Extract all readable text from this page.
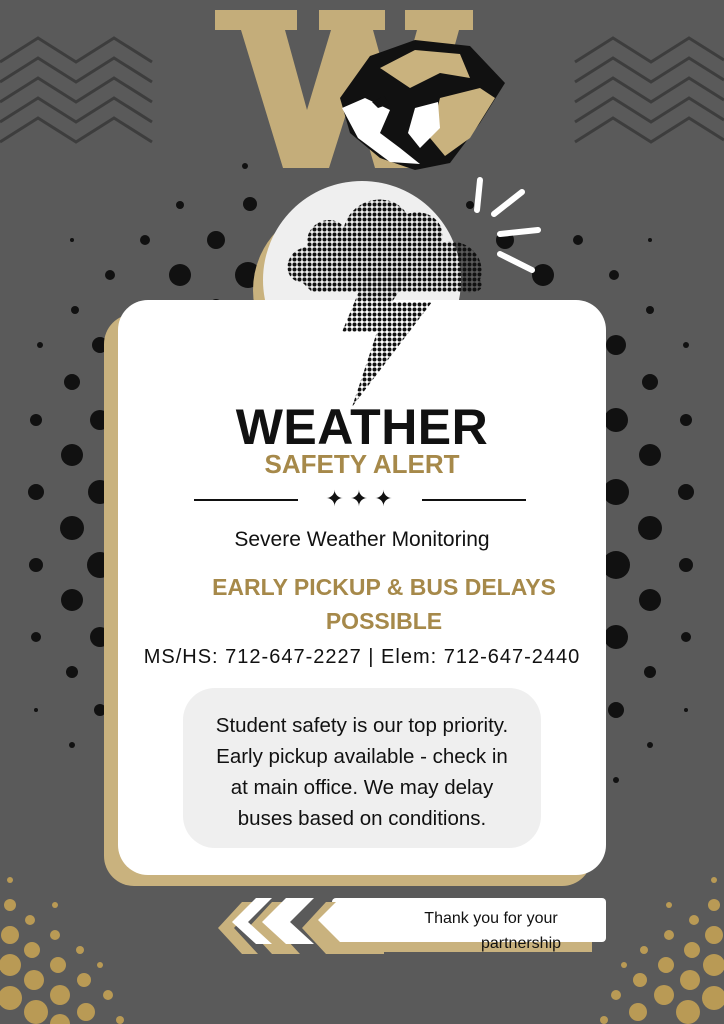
WEATHER
SAFETY ALERT
✦✦✦
Severe Weather Monitoring
EARLY PICKUP & BUS DELAYS
POSSIBLE
MS/HS: 712-647-2227 | Elem: 712-647-2440
Student safety is our top priority.
Early pickup available - check in
at main office. We may delay
buses based on conditions.
Thank you for your
partnership
